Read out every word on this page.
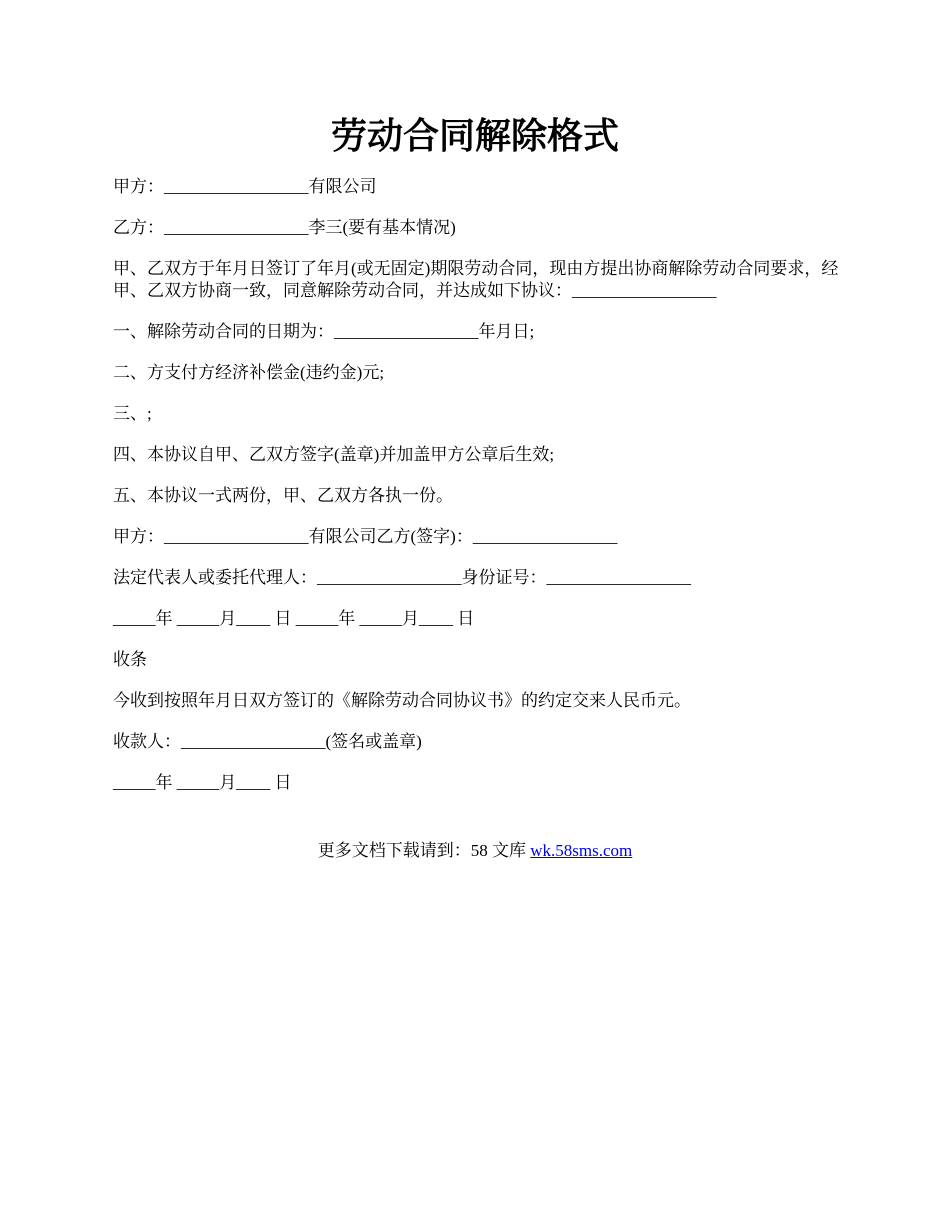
劳动合同解除格式

甲方：_________________有限公司

乙方：_________________李三(要有基本情况)

甲、乙双方于年月日签订了年月(或无固定)期限劳动合同，现由方提出协商解除劳动合同要求，经甲、乙双方协商一致，同意解除劳动合同，并达成如下协议：_________________

一、解除劳动合同的日期为：_________________年月日;

二、方支付方经济补偿金(违约金)元;

三、;

四、本协议自甲、乙双方签字(盖章)并加盖甲方公章后生效;

五、本协议一式两份，甲、乙双方各执一份。

甲方：_________________有限公司乙方(签字)：_________________

法定代表人或委托代理人：_________________身份证号：_________________

_____年 _____月____ 日 _____年 _____月____ 日

收条

今收到按照年月日双方签订的《解除劳动合同协议书》的约定交来人民币元。

收款人：_________________(签名或盖章)

_____年 _____月____ 日

更多文档下载请到：58 文库 wk.58sms.com
